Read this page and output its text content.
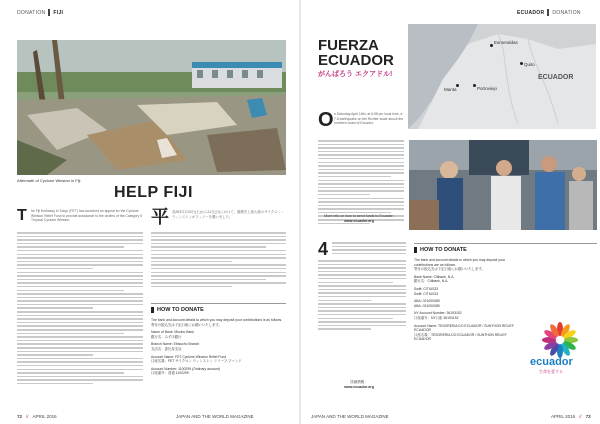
DONATION FIJI
Aftermath of Cyclone Winston in Fiji
HELP FIJI
T he Fiji Embassy in Tokyo (FET) has launched an appeal for the Cyclone Winston Relief Fund to provide assistance to the victims of the Category 5 Tropical Cyclone Winston.	平 成28年2月20日(土)から21日(日)にかけて、観測史上最大級のサイクロン・ウィンストンがフィジーを襲いました。
HOW TO DONATE
The bank and account details to which you may deposit your contributions is as follows.
寄付の振込先は下記口座にお願いいたします。
Name of Bank: Mizuho Bank
銀行名：みずほ銀行
Branch Name: Ebisucho Branch
支店名：恵比寿支店
Account Name: FET Cyclone Winston Relief Fund
口座名義：FET サイクロン ウィンストン リリーフ ファンド
Account Number: 1100299 (Ordinary account)
口座番号：普通 1100299
72 // APRIL 2016	JAPAN AND THE WORLD MAGAZINE
ECUADOR DONATION
FUERZA
ECUADOR
がんばろう エクアドル!
Esmeraldas
Manta	Portoviejo
Quito
ECUADOR
O n Saturday April 16th, at 6:58 pm local time, a 7.8 earthquake on the Richter scale struck the northern coast of Ecuador.
More info on how to send funds to Ecuador:
www.ecuador.org
4
詳細情報：
www.ecuador.org
HOW TO DONATE
The bank and account details to which you may deposit your contributions are as follows.
寄付の振込先は下記口座にお願いいたします。
Bank Name: Citibank, N.A.
銀行名：Citibank, N.A.
Swift: CITIUS33
Swift: CITIUS33
ABA: 021000089
ABA: 021000089
NY Account Number: 36193152
口座番号：NY口座 36193152
Account Name: TESORERIA DO ECUADOR / SUNTHON RELIEF ECUADOR
口座名義：TESORERIA DO ECUADOR / SUNTHON RELIEF ECUADOR
ecuador
生命を愛する
JAPAN AND THE WORLD MAGAZINE	APRIL 2016 // 73
